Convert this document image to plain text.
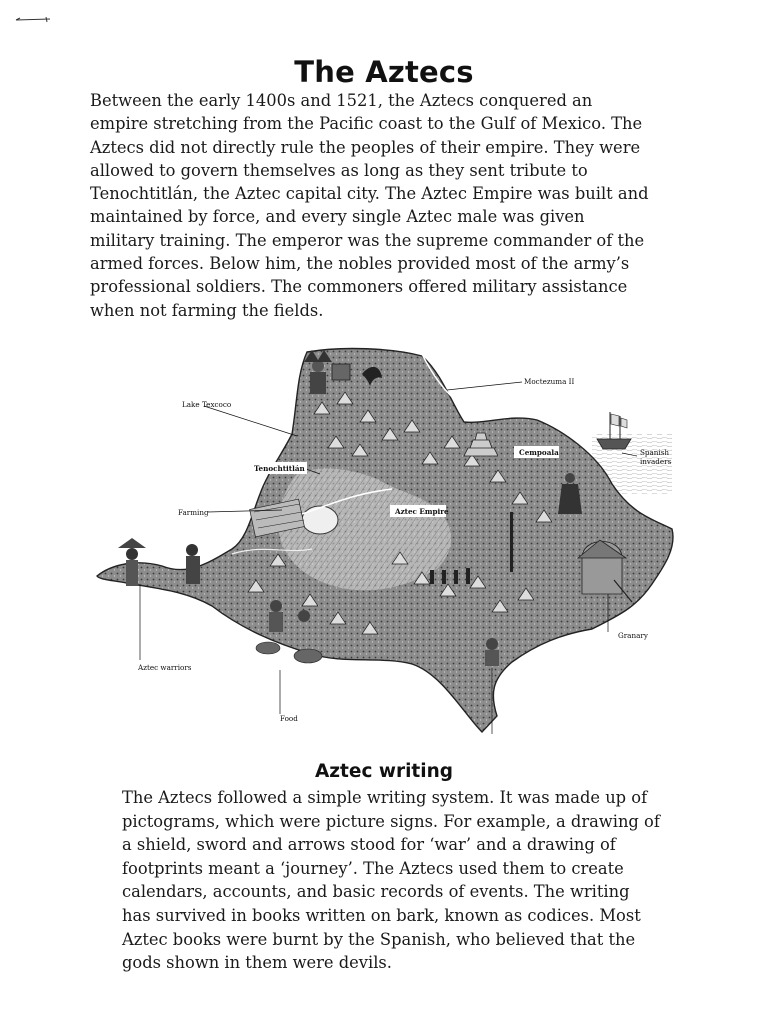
The Aztecs

Between the early 1400s and 1521, the Aztecs conquered an empire stretching from the Pacific coast to the Gulf of Mexico. The Aztecs did not directly rule the peoples of their empire. They were allowed to govern themselves as long as they sent tribute to Tenochtitlán, the Aztec capital city. The Aztec Empire was built and maintained by force, and every single Aztec male was given military training. The emperor was the supreme commander of the armed forces. Below him, the nobles provided most of the army’s professional soldiers. The commoners offered military assistance when not farming the fields.

Lake Texcoco
Moctezuma II
Tenochtitlán
Cempoala	Spanish invaders
Farming	Aztec Empire
Granary
Aztec warriors
Food
Aztec writing

The Aztecs followed a simple writing system. It was made up of pictograms, which were picture signs. For example, a drawing of a shield, sword and arrows stood for ‘war’ and a drawing of footprints meant a ‘journey’. The Aztecs used them to create calendars, accounts, and basic records of events. The writing has survived in books written on bark, known as codices. Most Aztec books were burnt by the Spanish, who believed that the gods shown in them were devils.
